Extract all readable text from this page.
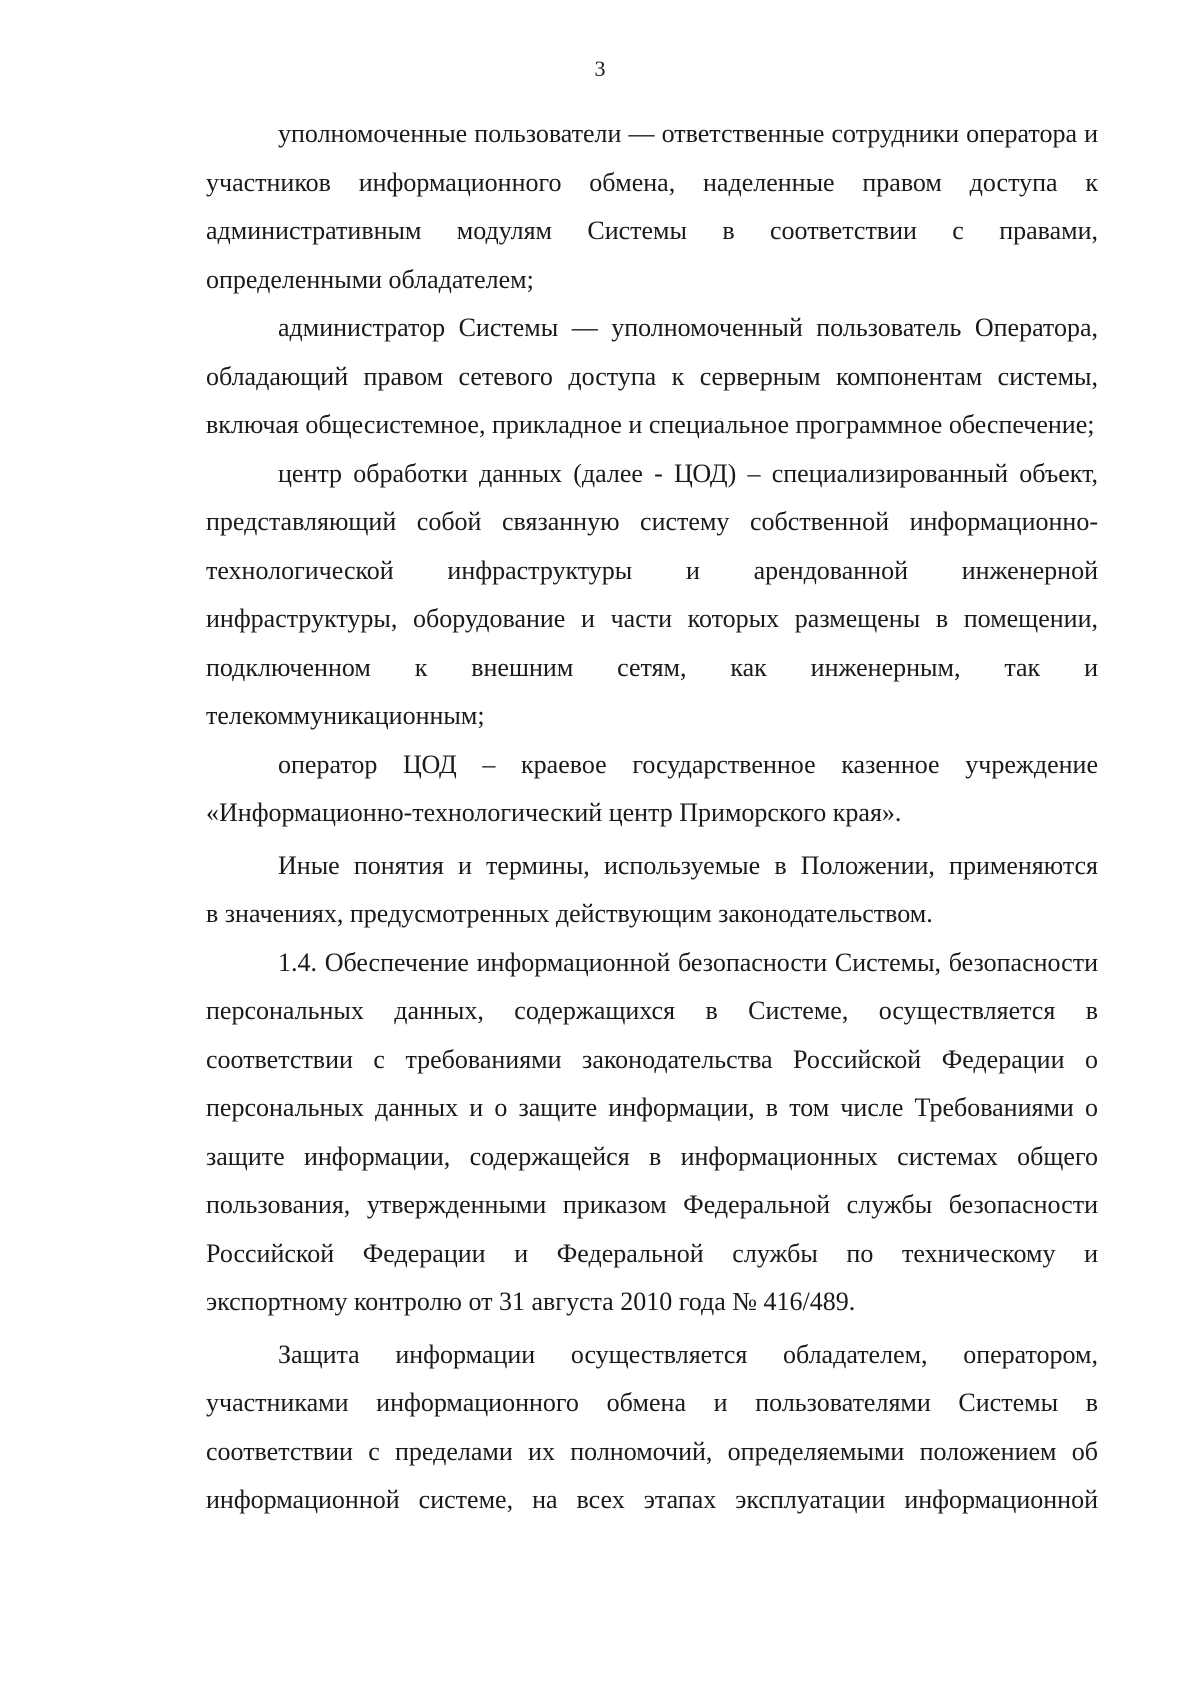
3
уполномоченные пользователи — ответственные сотрудники оператора и
участников информационного обмена, наделенные правом доступа к
административным модулям Системы в соответствии с правами,
определенными обладателем;
администратор Системы — уполномоченный пользователь Оператора,
обладающий правом сетевого доступа к серверным компонентам системы,
включая общесистемное, прикладное и специальное программное обеспечение;
центр обработки данных (далее - ЦОД) – специализированный объект,
представляющий собой связанную систему собственной информационно-
технологической инфраструктуры и арендованной инженерной
инфраструктуры, оборудование и части которых размещены в помещении,
подключенном к внешним сетям, как инженерным, так и
телекоммуникационным;
оператор ЦОД – краевое государственное казенное учреждение
«Информационно-технологический центр Приморского края».
Иные понятия и термины, используемые в Положении, применяются
в значениях, предусмотренных действующим законодательством.
1.4. Обеспечение информационной безопасности Системы, безопасности
персональных данных, содержащихся в Системе, осуществляется в
соответствии с требованиями законодательства Российской Федерации о
персональных данных и о защите информации, в том числе Требованиями о
защите информации, содержащейся в информационных системах общего
пользования, утвержденными приказом Федеральной службы безопасности
Российской Федерации и Федеральной службы по техническому и
экспортному контролю от 31 августа 2010 года № 416/489.
Защита информации осуществляется обладателем, оператором,
участниками информационного обмена и пользователями Системы в
соответствии с пределами их полномочий, определяемыми положением об
информационной системе, на всех этапах эксплуатации информационной
